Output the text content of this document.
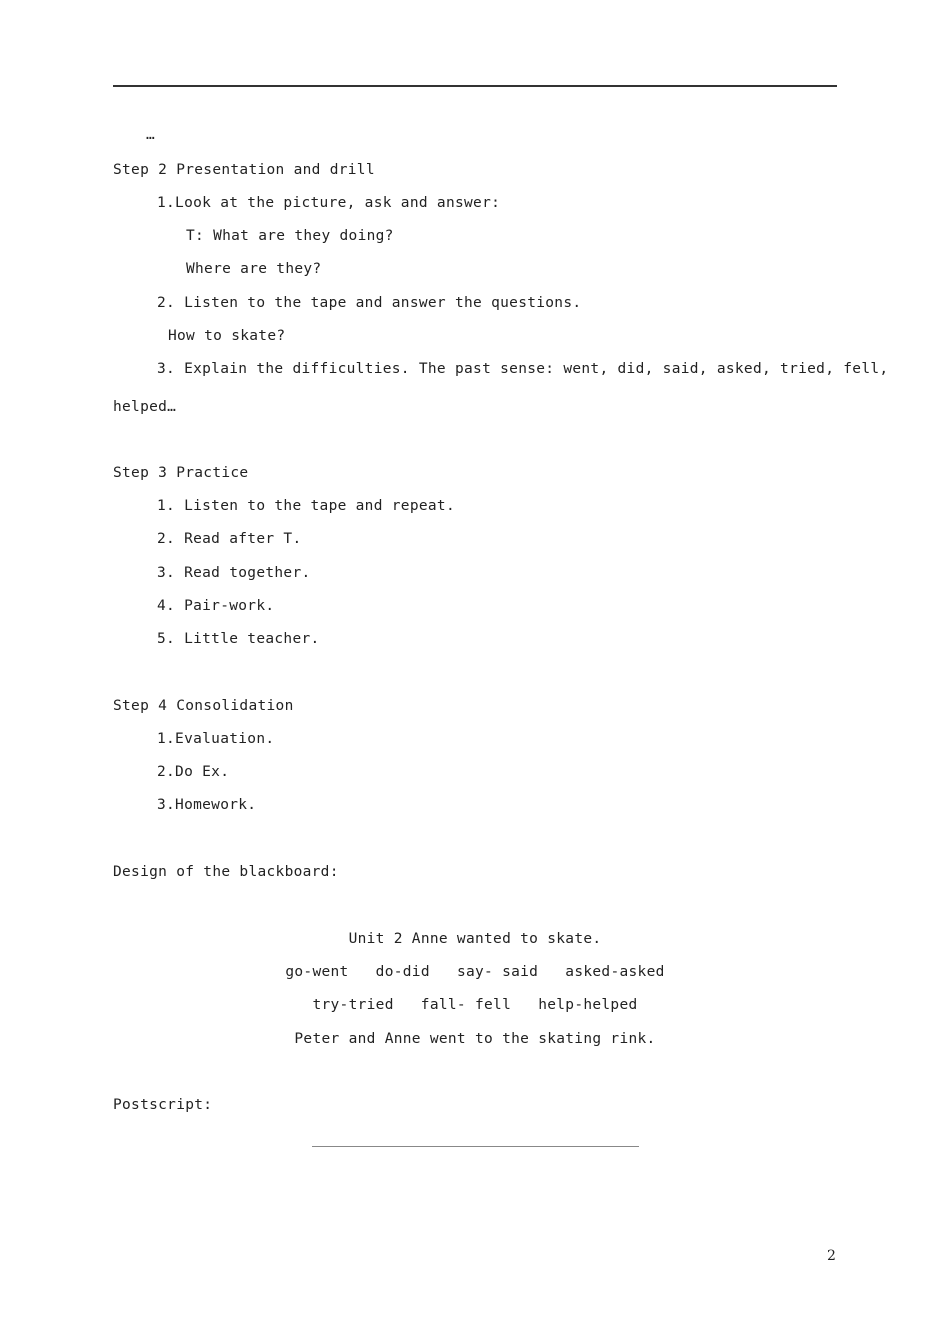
…
Step 2 Presentation and drill
1.Look at the picture, ask and answer:
T: What are they doing?
Where are they?
2. Listen to the tape and answer the questions.
How to skate?
3. Explain the difficulties. The past sense: went, did, said, asked, tried, fell,
helped…
Step 3 Practice
1. Listen to the tape and repeat.
2. Read after T.
3. Read together.
4. Pair-work.
5. Little teacher.
Step 4 Consolidation
1.Evaluation.
2.Do Ex.
3.Homework.
Design of the blackboard:
Unit 2 Anne wanted to skate.
go-went   do-did   say- said   asked-asked
try-tried   fall- fell   help-helped
Peter and Anne went to the skating rink.
Postscript:
2
